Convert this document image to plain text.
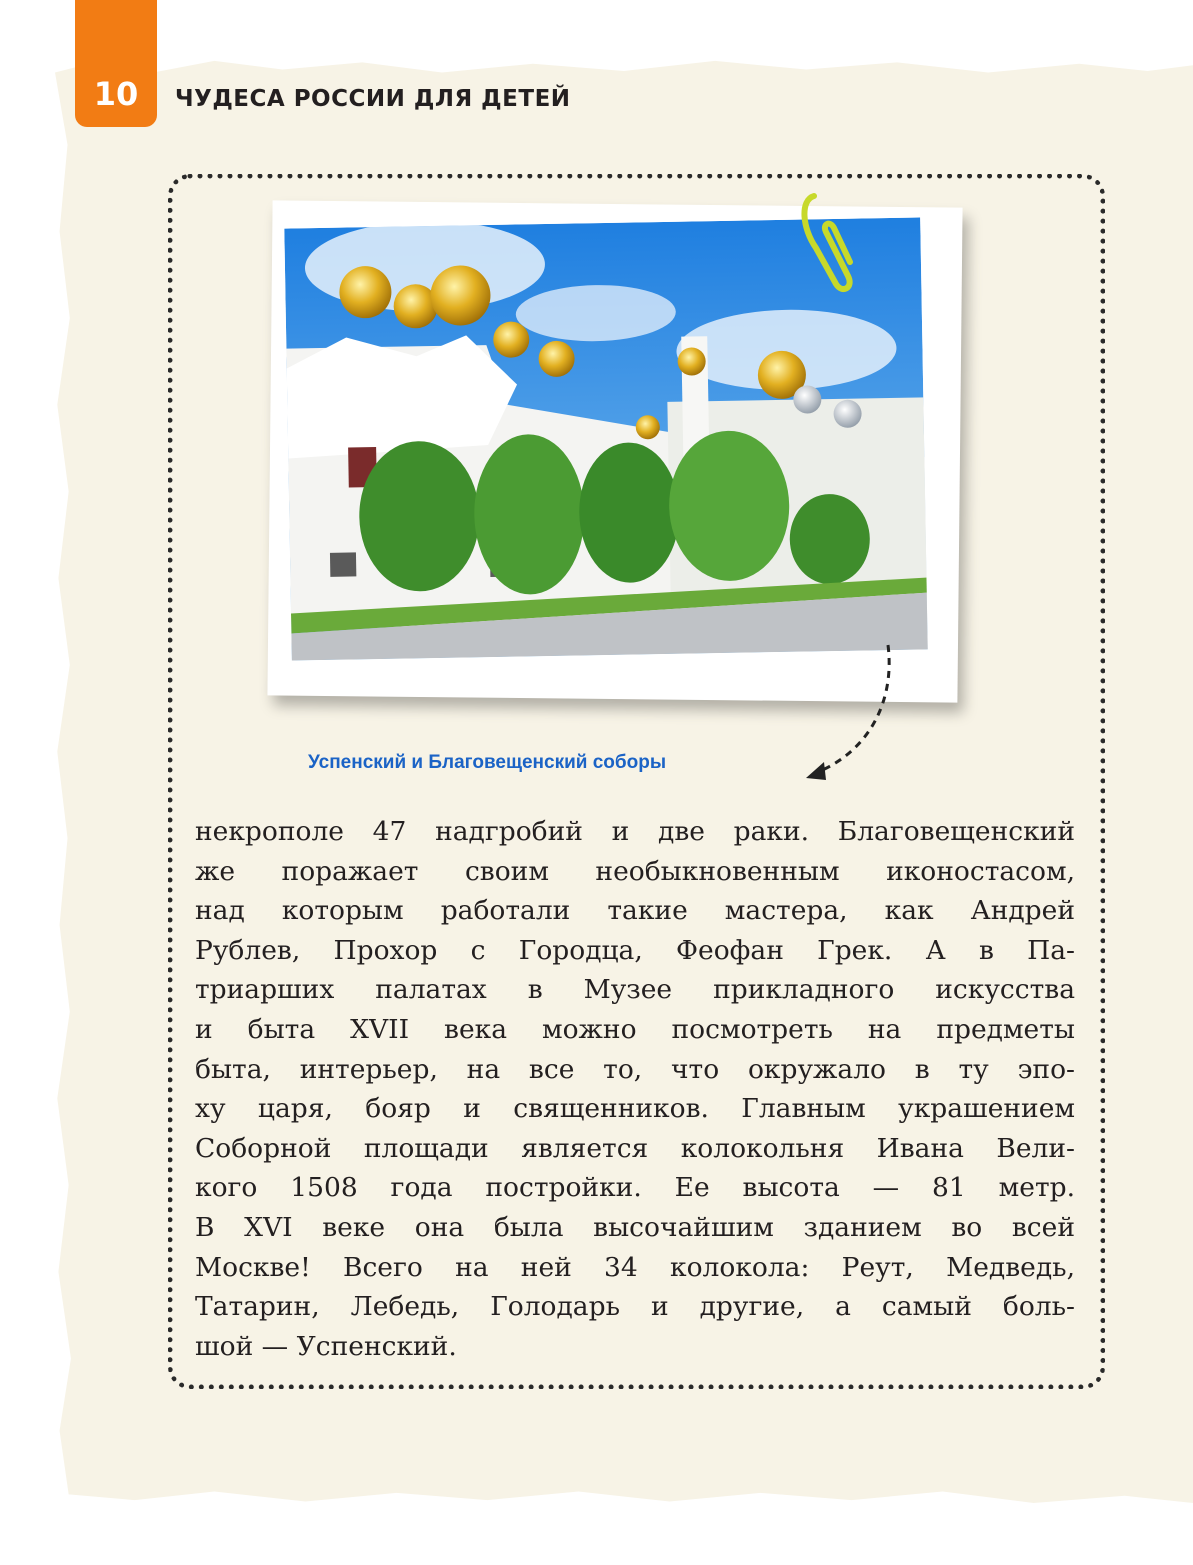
10	ЧУДЕСА РОССИИ ДЛЯ ДЕТЕЙ
Успенский и Благовещенский соборы
некрополе 47 надгробий и две раки. Благовещенский
же поражает своим необыкновенным иконостасом,
над которым работали такие мастера, как Андрей
Рублев, Прохор с Городца, Феофан Грек. А в Па-
триарших палатах в Музее прикладного искусства
и быта XVII века можно посмотреть на предметы
быта, интерьер, на все то, что окружало в ту эпо-
ху царя, бояр и священников. Главным украшением
Соборной площади является колокольня Ивана Вели-
кого 1508 года постройки. Ее высота — 81 метр.
В XVI веке она была высочайшим зданием во всей
Москве! Всего на ней 34 колокола: Реут, Медведь,
Татарин, Лебедь, Голодарь и другие, а самый боль-
шой — Успенский.
